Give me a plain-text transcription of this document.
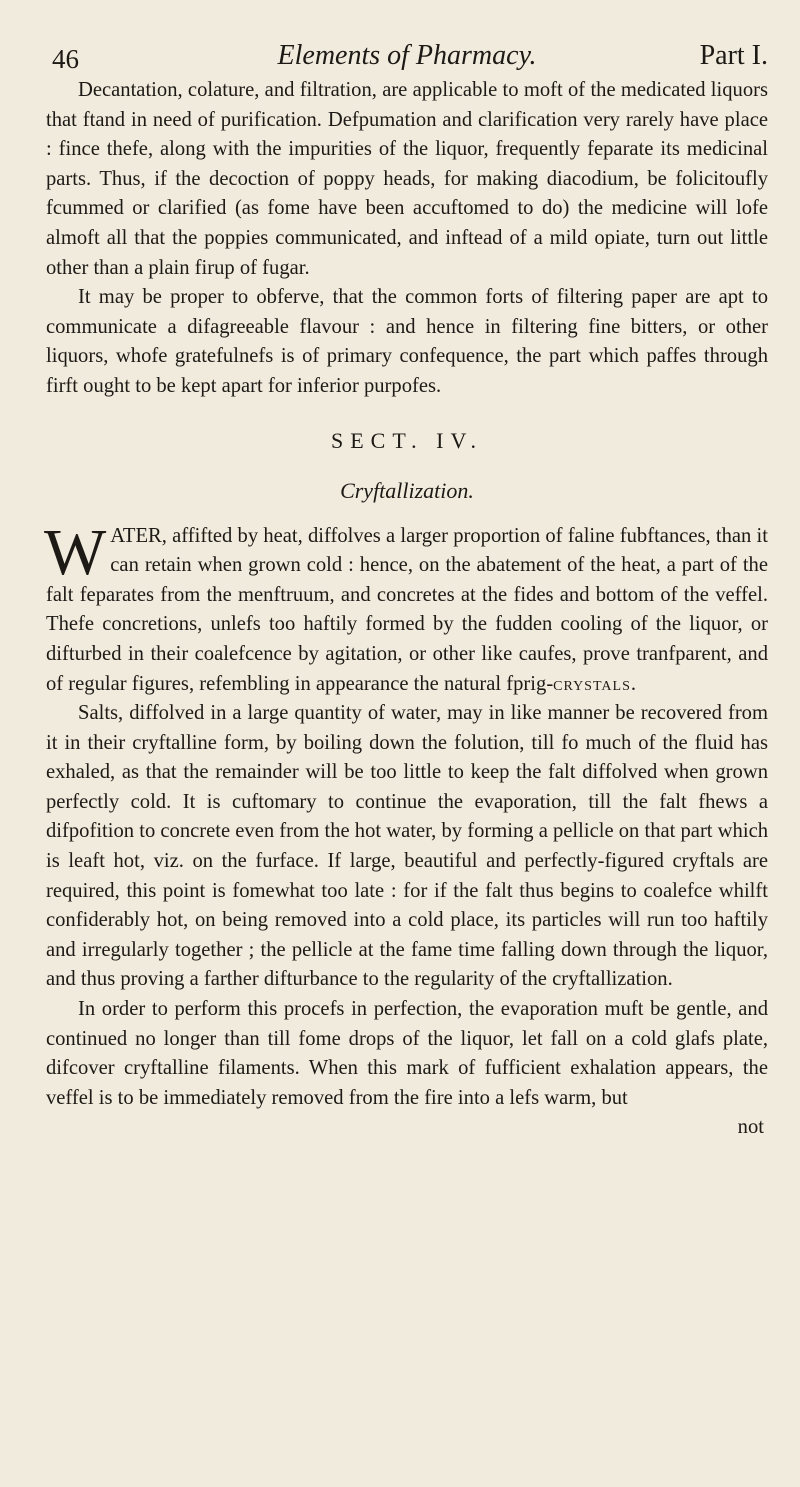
46	Elements of Pharmacy.	Part I.

Decantation, colature, and filtration, are applicable to moft of the medicated liquors that ftand in need of purification. Defpumation and clarification very rarely have place : fince thefe, along with the impurities of the liquor, frequently feparate its medicinal parts. Thus, if the decoction of poppy heads, for making diacodium, be folicitoufly fcummed or clarified (as fome have been accuftomed to do) the medicine will lofe almoft all that the poppies communicated, and inftead of a mild opiate, turn out little other than a plain firup of fugar.

It may be proper to obferve, that the common forts of filtering paper are apt to communicate a difagreeable flavour : and hence in filtering fine bitters, or other liquors, whofe gratefulnefs is of primary confequence, the part which paffes through firft ought to be kept apart for inferior purpofes.

SECT. IV.
Cryftallization.

WATER, affifted by heat, diffolves a larger proportion of faline fubftances, than it can retain when grown cold : hence, on the abatement of the heat, a part of the falt feparates from the menftruum, and concretes at the fides and bottom of the veffel. Thefe concretions, unlefs too haftily formed by the fudden cooling of the liquor, or difturbed in their coalefcence by agitation, or other like caufes, prove tranfparent, and of regular figures, refembling in appearance the natural fprig-crystals.

Salts, diffolved in a large quantity of water, may in like manner be recovered from it in their cryftalline form, by boiling down the folution, till fo much of the fluid has exhaled, as that the remainder will be too little to keep the falt diffolved when grown perfectly cold. It is cuftomary to continue the evaporation, till the falt fhews a difpofition to concrete even from the hot water, by forming a pellicle on that part which is leaft hot, viz. on the furface. If large, beautiful and perfectly-figured cryftals are required, this point is fomewhat too late : for if the falt thus begins to coalefce whilft confiderably hot, on being removed into a cold place, its particles will run too haftily and irregularly together ; the pellicle at the fame time falling down through the liquor, and thus proving a farther difturbance to the regularity of the cryftallization.

In order to perform this procefs in perfection, the evaporation muft be gentle, and continued no longer than till fome drops of the liquor, let fall on a cold glafs plate, difcover cryftalline filaments. When this mark of fufficient exhalation appears, the veffel is to be immediately removed from the fire into a lefs warm, but

not
